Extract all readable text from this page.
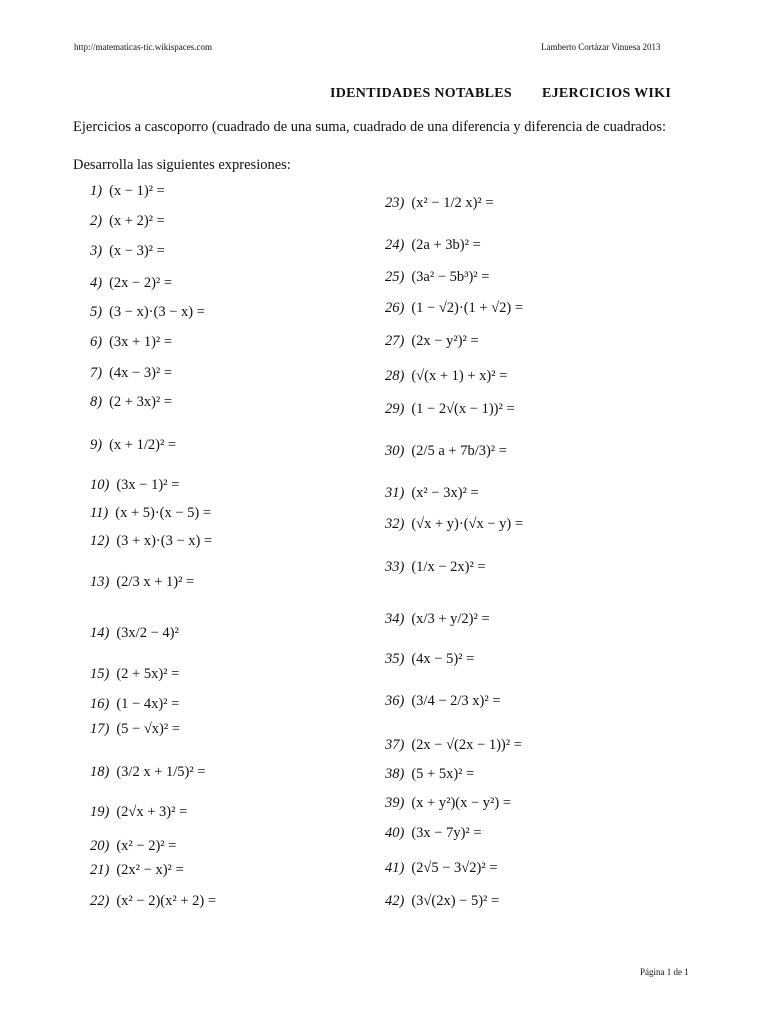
http://matematicas-tic.wikispaces.com	Lamberto Cortázar Vinuesa 2013
IDENTIDADES NOTABLES EJERCICIOS WIKI
Ejercicios a cascoporro (cuadrado de una suma, cuadrado de una diferencia y diferencia de cuadrados:
Desarrolla las siguientes expresiones:
1) (x − 1)² =
2) (x + 2)² =
3) (x − 3)² =
4) (2x − 2)² =
5) (3 − x)·(3 − x) =
6) (3x + 1)² =
7) (4x − 3)² =
8) (2 + 3x)² =
9) (x + 1/2)² =
10) (3x − 1)² =
11) (x + 5)·(x − 5) =
12) (3 + x)·(3 − x) =
13) (2/3 x + 1)² =
14) (3x/2 − 4)²
15) (2 + 5x)² =
16) (1 − 4x)² =
17) (5 − √x)² =
18) (3/2 x + 1/5)² =
19) (2√x + 3)² =
20) (x² − 2)² =
21) (2x² − x)² =
22) (x² − 2)(x² + 2) =
23) (x² − 1/2 x)² =
24) (2a + 3b)² =
25) (3a² − 5b³)² =
26) (1 − √2)·(1 + √2) =
27) (2x − y²)² =
28) (√(x + 1) + x)² =
29) (1 − 2√(x − 1))² =
30) (2/5 a + 7b/3)² =
31) (x² − 3x)² =
32) (√x + y)·(√x − y) =
33) (1/x − 2x)² =
34) (x/3 + y/2)² =
35) (4x − 5)² =
36) (3/4 − 2/3 x)² =
37) (2x − √(2x − 1))² =
38) (5 + 5x)² =
39) (x + y²)(x − y²) =
40) (3x − 7y)² =
41) (2√5 − 3√2)² =
42) (3√(2x) − 5)² =
Página 1 de 1
